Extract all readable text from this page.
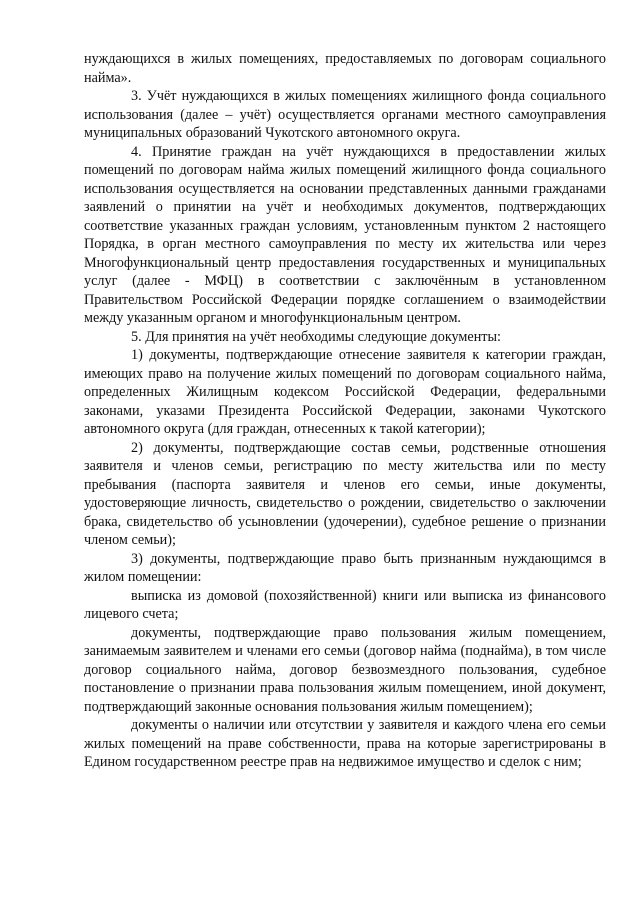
нуждающихся в жилых помещениях, предоставляемых по договорам социального найма».

3. Учёт нуждающихся в жилых помещениях жилищного фонда социального использования (далее – учёт) осуществляется органами местного самоуправления муниципальных образований Чукотского автономного округа.

4. Принятие граждан на учёт нуждающихся в предоставлении жилых помещений по договорам найма жилых помещений жилищного фонда социального использования осуществляется на основании представленных данными гражданами заявлений о принятии на учёт и необходимых документов, подтверждающих соответствие указанных граждан условиям, установленным пунктом 2 настоящего Порядка, в орган местного самоуправления по месту их жительства или через Многофункциональный центр предоставления государственных и муниципальных услуг (далее - МФЦ) в соответствии с заключённым в установленном Правительством Российской Федерации порядке соглашением о взаимодействии между указанным органом и многофункциональным центром.

5. Для принятия на учёт необходимы следующие документы:

1) документы, подтверждающие отнесение заявителя к категории граждан, имеющих право на получение жилых помещений по договорам социального найма, определенных Жилищным кодексом Российской Федерации, федеральными законами, указами Президента Российской Федерации, законами Чукотского автономного округа (для граждан, отнесенных к такой категории);

2) документы, подтверждающие состав семьи, родственные отношения заявителя и членов семьи, регистрацию по месту жительства или по месту пребывания (паспорта заявителя и членов его семьи, иные документы, удостоверяющие личность, свидетельство о рождении, свидетельство о заключении брака, свидетельство об усыновлении (удочерении), судебное решение о признании членом семьи);

3) документы, подтверждающие право быть признанным нуждающимся в жилом помещении:

выписка из домовой (похозяйственной) книги или выписка из финансового лицевого счета;

документы, подтверждающие право пользования жилым помещением, занимаемым заявителем и членами его семьи (договор найма (поднайма), в том числе договор социального найма, договор безвозмездного пользования, судебное постановление о признании права пользования жилым помещением, иной документ, подтверждающий законные основания пользования жилым помещением);

документы о наличии или отсутствии у заявителя и каждого члена его семьи жилых помещений на праве собственности, права на которые зарегистрированы в Едином государственном реестре прав на недвижимое имущество и сделок с ним;
